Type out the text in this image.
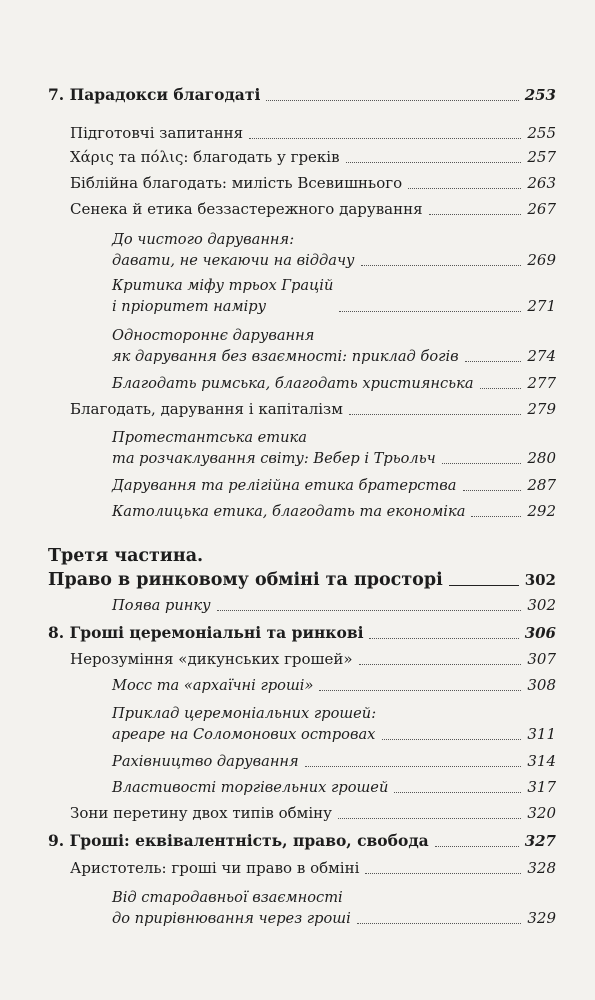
7. Парадокси благодаті	253
Підготовчі запитання	255
Χάρις та πόλις: благодать у греків	257
Біблійна благодать: милість Всевишнього	263
Сенека й етика беззастережного дарування	267
До чистого дарування:
давати, не чекаючи на віддачу	269
Критика міфу трьох Грацій
і пріоритет наміру	271
Одностороннє дарування
як дарування без взаємності: приклад богів	274
Благодать римська, благодать християнська	277
Благодать, дарування і капіталізм	279
Протестантська етика
та розчаклування світу: Вебер і Трьольч	280
Дарування та релігійна етика братерства	287
Католицька етика, благодать та економіка	292
Третя частина.
Право в ринковому обміні та просторі	302
Поява ринку	302
8. Гроші церемоніальні та ринкові	306
Нерозуміння «дикунських грошей»	307
Мосс та «архаїчні гроші»	308
Приклад церемоніальних грошей:
ареаре на Соломонових островах	311
Рахівництво дарування	314
Властивості торгівельних грошей	317
Зони перетину двох типів обміну	320
9. Гроші: еквівалентність, право, свобода	327
Аристотель: гроші чи право в обміні	328
Від стародавньої взаємності
до прирівнювання через гроші	329
